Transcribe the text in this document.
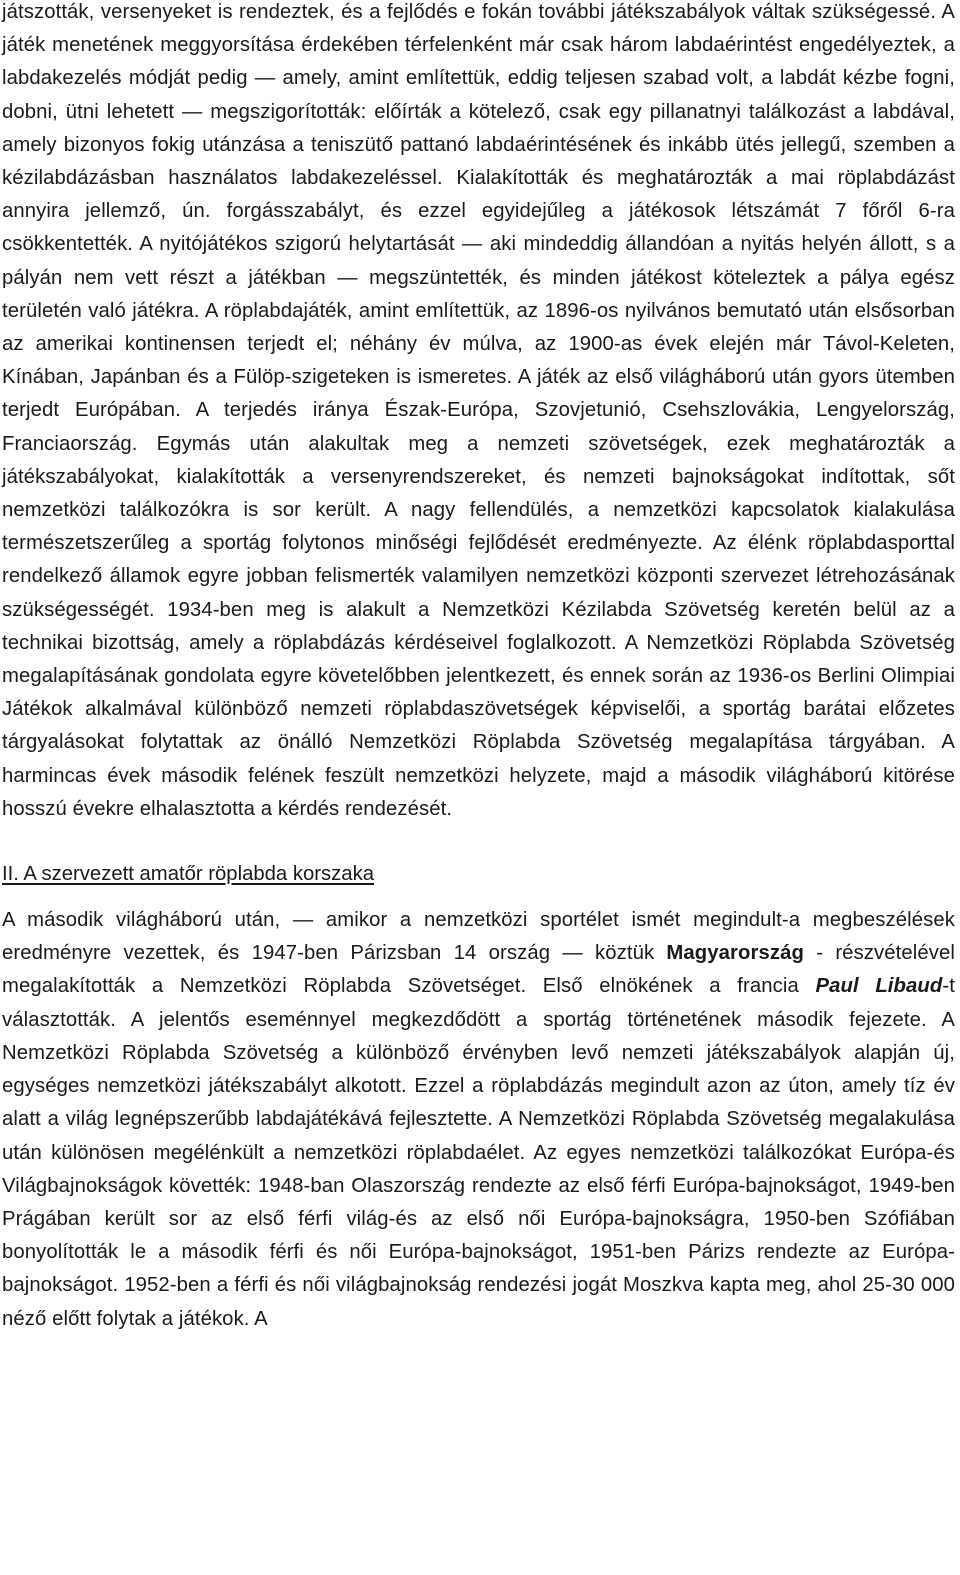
játszották, versenyeket is rendeztek, és a fejlődés e fokán további játékszabályok váltak szükségessé. A játék menetének meggyorsítása érdekében térfelenként már csak három labdaérintést engedélyeztek, a labdakezelés módját pedig — amely, amint említettük, eddig teljesen szabad volt, a labdát kézbe fogni, dobni, ütni lehetett — megszigorították: előírták a kötelező, csak egy pillanatnyi találkozást a labdával, amely bizonyos fokig utánzása a teniszütő pattanó labdaérintésének és inkább ütés jellegű, szemben a kézilabdázásban használatos labdakezeléssel. Kialakították és meghatározták a mai röplabdázást annyira jellemző, ún. forgásszabályt, és ezzel egyidejűleg a játékosok létszámát 7 főről 6-ra csökkentették. A nyitójátékos szigorú helytartását — aki mindeddig állandóan a nyitás helyén állott, s a pályán nem vett részt a játékban — megszüntették, és minden játékost köteleztek a pálya egész területén való játékra. A röplabdajáték, amint említettük, az 1896-os nyilvános bemutató után elsősorban az amerikai kontinensen terjedt el; néhány év múlva, az 1900-as évek elején már Távol-Keleten, Kínában, Japánban és a Fülöp-szigeteken is ismeretes. A játék az első világháború után gyors ütemben terjedt Európában. A terjedés iránya Észak-Európa, Szovjetunió, Csehszlovákia, Lengyelország, Franciaország. Egymás után alakultak meg a nemzeti szövetségek, ezek meghatározták a játékszabályokat, kialakították a versenyrendszereket, és nemzeti bajnokságokat indítottak, sőt nemzetközi találkozókra is sor került. A nagy fellendülés, a nemzetközi kapcsolatok kialakulása természetszerűleg a sportág folytonos minőségi fejlődését eredményezte. Az élénk röplabdasporttal rendelkező államok egyre jobban felismerték valamilyen nemzetközi központi szervezet létrehozásának szükségességét. 1934-ben meg is alakult a Nemzetközi Kézilabda Szövetség keretén belül az a technikai bizottság, amely a röplabdázás kérdéseivel foglalkozott. A Nemzetközi Röplabda Szövetség megalapításának gondolata egyre követelőbben jelentkezett, és ennek során az 1936-os Berlini Olimpiai Játékok alkalmával különböző nemzeti röplabdaszövetségek képviselői, a sportág barátai előzetes tárgyalásokat folytattak az önálló Nemzetközi Röplabda Szövetség megalapítása tárgyában. A harmincas évek második felének feszült nemzetközi helyzete, majd a második világháború kitörése hosszú évekre elhalasztotta a kérdés rendezését.

II. A szervezett amatőr röplabda korszaka

A második világháború után, — amikor a nemzetközi sportélet ismét megindult-a megbeszélések eredményre vezettek, és 1947-ben Párizsban 14 ország — köztük Magyarország - részvételével megalakították a Nemzetközi Röplabda Szövetséget. Első elnökének a francia Paul Libaud-t választották. A jelentős eseménnyel megkezdődött a sportág történetének második fejezete. A Nemzetközi Röplabda Szövetség a különböző érvényben levő nemzeti játékszabályok alapján új, egységes nemzetközi játékszabályt alkotott. Ezzel a röplabdázás megindult azon az úton, amely tíz év alatt a világ legnépszerűbb labdajátékává fejlesztette. A Nemzetközi Röplabda Szövetség megalakulása után különösen megélénkült a nemzetközi röplabdaélet. Az egyes nemzetközi találkozókat Európa-és Világbajnokságok követték: 1948-ban Olaszország rendezte az első férfi Európa-bajnokságot, 1949-ben Prágában került sor az első férfi világ-és az első női Európa-bajnokságra, 1950-ben Szófiában bonyolították le a második férfi és női Európa-bajnokságot, 1951-ben Párizs rendezte az Európa-bajnokságot. 1952-ben a férfi és női világbajnokság rendezési jogát Moszkva kapta meg, ahol 25-30 000 néző előtt folytak a játékok. A
